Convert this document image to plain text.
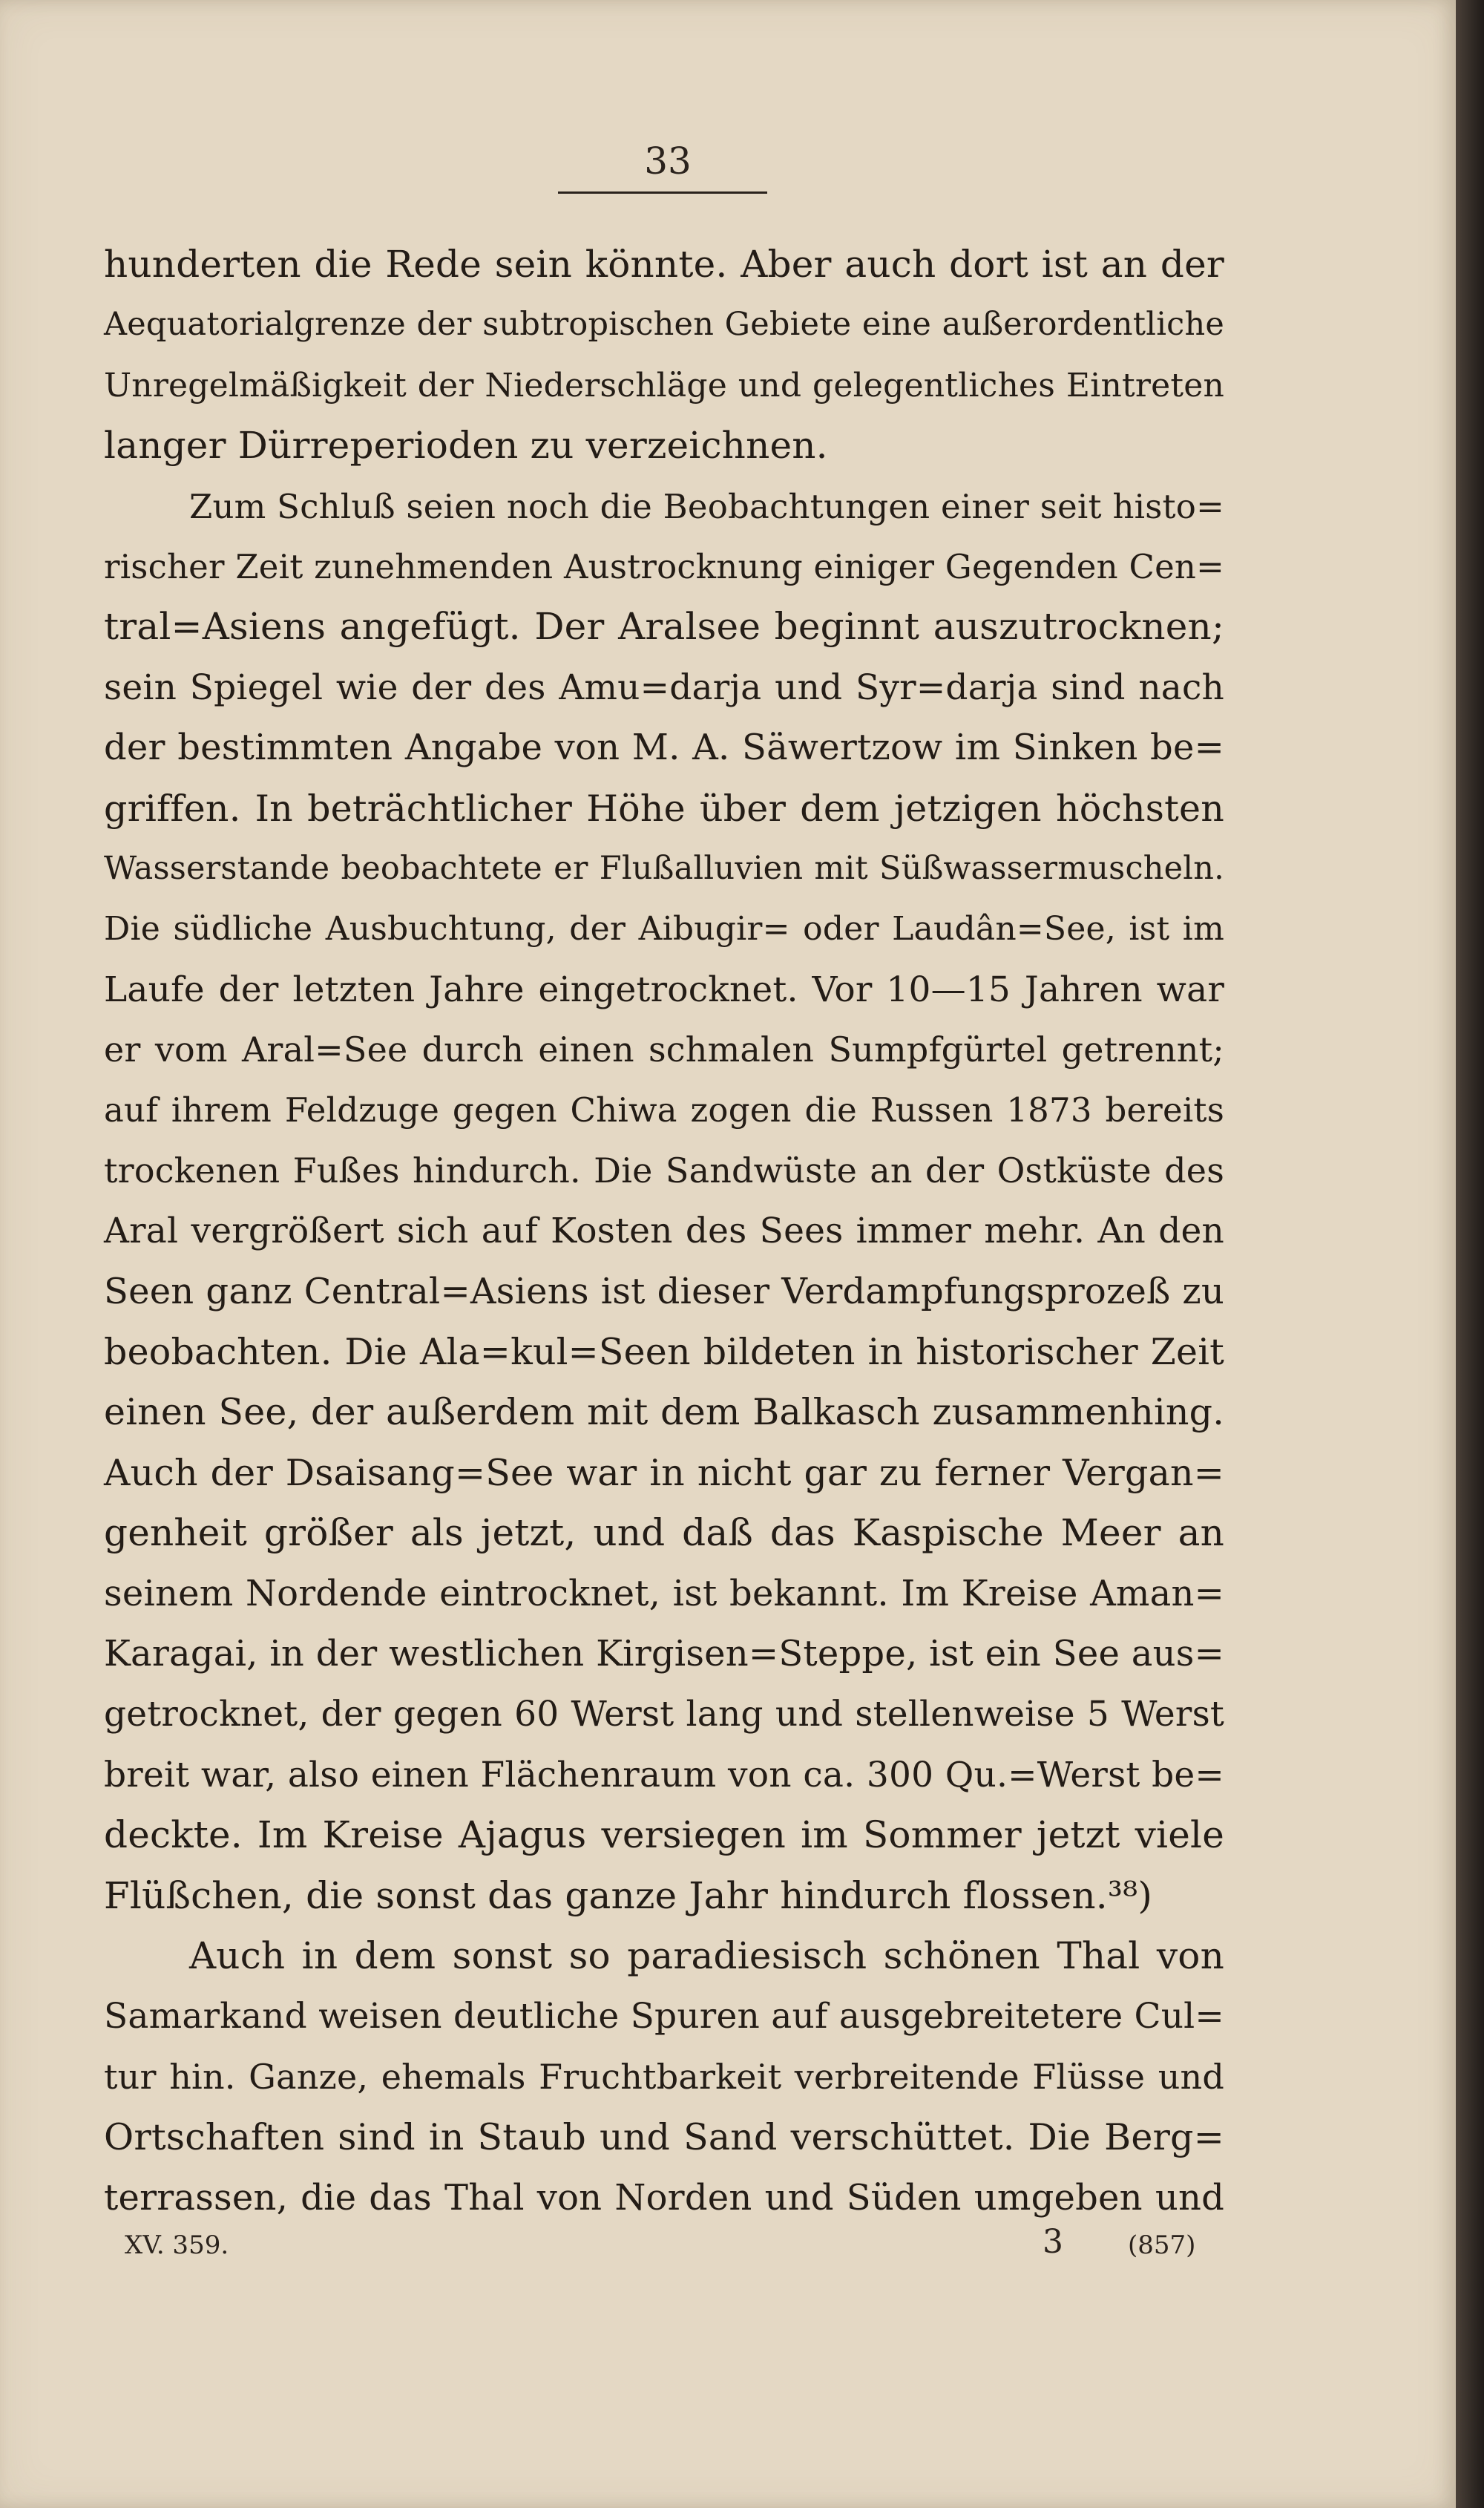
33
hunderten die Rede sein könnte. Aber auch dort ist an der
Aequatorialgrenze der subtropischen Gebiete eine außerordentliche
Unregelmäßigkeit der Niederschläge und gelegentliches Eintreten
langer Dürreperioden zu verzeichnen.
Zum Schluß seien noch die Beobachtungen einer seit histo=
rischer Zeit zunehmenden Austrocknung einiger Gegenden Cen=
tral=Asiens angefügt. Der Aralsee beginnt auszutrocknen;
sein Spiegel wie der des Amu=darja und Syr=darja sind nach
der bestimmten Angabe von M. A. Säwertzow im Sinken be=
griffen. In beträchtlicher Höhe über dem jetzigen höchsten
Wasserstande beobachtete er Flußalluvien mit Süßwassermuscheln.
Die südliche Ausbuchtung, der Aibugir= oder Laudân=See, ist im
Laufe der letzten Jahre eingetrocknet. Vor 10—15 Jahren war
er vom Aral=See durch einen schmalen Sumpfgürtel getrennt;
auf ihrem Feldzuge gegen Chiwa zogen die Russen 1873 bereits
trockenen Fußes hindurch. Die Sandwüste an der Ostküste des
Aral vergrößert sich auf Kosten des Sees immer mehr. An den
Seen ganz Central=Asiens ist dieser Verdampfungsprozeß zu
beobachten. Die Ala=kul=Seen bildeten in historischer Zeit
einen See, der außerdem mit dem Balkasch zusammenhing.
Auch der Dsaisang=See war in nicht gar zu ferner Vergan=
genheit größer als jetzt, und daß das Kaspische Meer an
seinem Nordende eintrocknet, ist bekannt. Im Kreise Aman=
Karagai, in der westlichen Kirgisen=Steppe, ist ein See aus=
getrocknet, der gegen 60 Werst lang und stellenweise 5 Werst
breit war, also einen Flächenraum von ca. 300 Qu.=Werst be=
deckte. Im Kreise Ajagus versiegen im Sommer jetzt viele
Flüßchen, die sonst das ganze Jahr hindurch flossen.³⁸)
Auch in dem sonst so paradiesisch schönen Thal von
Samarkand weisen deutliche Spuren auf ausgebreitetere Cul=
tur hin. Ganze, ehemals Fruchtbarkeit verbreitende Flüsse und
Ortschaften sind in Staub und Sand verschüttet. Die Berg=
terrassen, die das Thal von Norden und Süden umgeben und
XV. 359.	3	(857)
